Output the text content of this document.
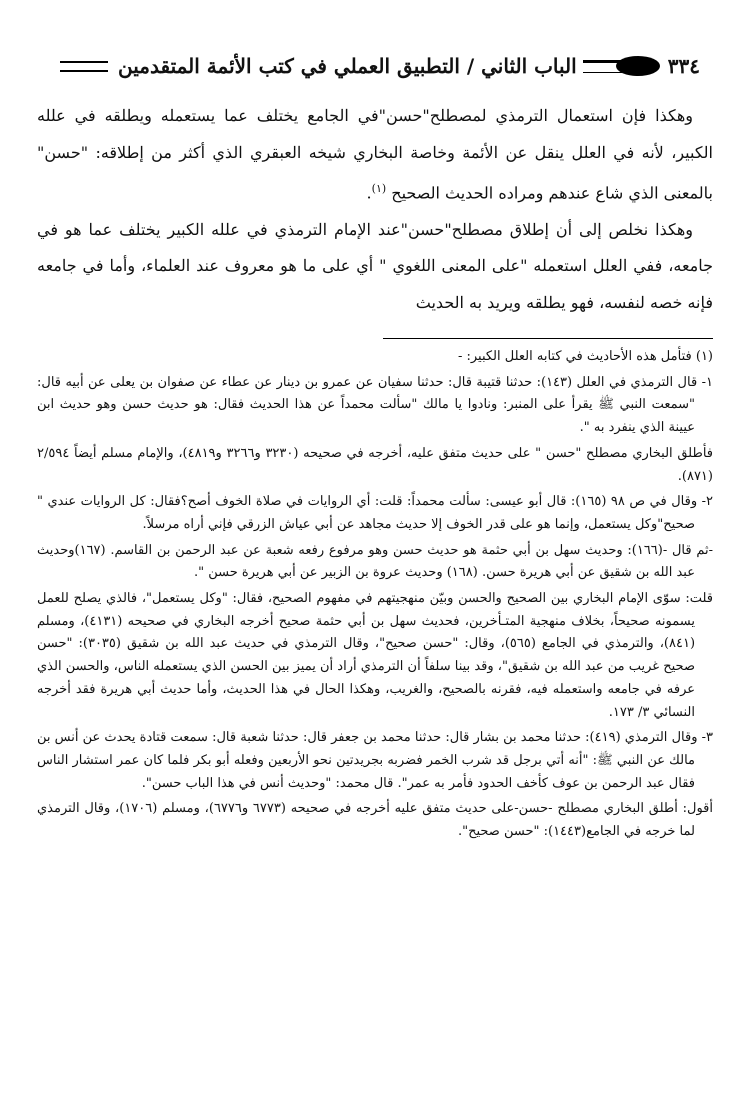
الباب الثاني / التطبيق العملي في كتب الأئمة المتقدمين	٣٣٤

وهكذا فإن استعمال الترمذي لمصطلح"حسن"في الجامع يختلف عما يستعمله ويطلقه في علله الكبير، لأنه في العلل ينقل عن الأئمة وخاصة البخاري شيخه العبقري الذي أكثر من إطلاقه: "حسن" بالمعنى الذي شاع عندهم ومراده الحديث الصحيح $^{(١)}$.

وهكذا نخلص إلى أن إطلاق مصطلح"حسن"عند الإمام الترمذي في علله الكبير يختلف عما هو في جامعه، ففي العلل استعمله "على المعنى اللغوي " أي على ما هو معروف عند العلماء، وأما في جامعه فإنه خصه لنفسه، فهو يطلقه ويريد به الحديث

(١) فتأمل هذه الأحاديث في كتابه العلل الكبير: -

١- قال الترمذي في العلل (١٤٣): حدثنا قتيبة قال: حدثنا سفيان عن عمرو بن دينار عن عطاء عن صفوان بن يعلى عن أبيه قال: "سمعت النبي ﷺ يقرأ على المنبر: ونادوا يا مالك "سألت محمداً عن هذا الحديث فقال: هو حديث حسن وهو حديث ابن عيينة الذي ينفرد به ".

فأطلق البخاري مصطلح "حسن " على حديث متفق عليه، أخرجه في صحيحه (٣٢٣٠ و٣٢٦٦ و٤٨١٩)، والإمام مسلم أيضاً ٢/٥٩٤ (٨٧١).

٢- وقال في ص ٩٨ (١٦٥): قال أبو عيسى: سألت محمداً: قلت: أي الروايات في صلاة الخوف أصح؟فقال: كل الروايات عندي " صحيح"وكل يستعمل، وإنما هو على قدر الخوف إلا حديث مجاهد عن أبي عياش الزرقي فإني أراه مرسلاً.

-ثم قال -(١٦٦): وحديث سهل بن أبي حثمة هو حديث حسن وهو مرفوع رفعه شعبة عن عبد الرحمن بن القاسم. (١٦٧)وحديث عبد الله بن شقيق عن أبي هريرة حسن. (١٦٨) وحديث عروة بن الزبير عن أبي هريرة حسن ".

قلت: سوّى الإمام البخاري بين الصحيح والحسن وبيّن منهجيتهم في مفهوم الصحيح، فقال: "وكل يستعمل"، فالذي يصلح للعمل يسمونه صحيحاً، بخلاف منهجية المتـأخرين، فحديث سهل بن أبي حثمة صحيح أخرجه البخاري في صحيحه (٤١٣١)، ومسلم (٨٤١)، والترمذي في الجامع (٥٦٥)، وقال: "حسن صحيح"، وقال الترمذي في حديث عبد الله بن شقيق (٣٠٣٥): "حسن صحيح غريب من عبد الله بن شقيق"، وقد بينا سلفاً أن الترمذي أراد أن يميز بين الحسن الذي يستعمله الناس، والحسن الذي عرفه في جامعه واستعمله فيه، فقرنه بالصحيح، والغريب، وهكذا الحال في هذا الحديث، وأما حديث أبي هريرة فقد أخرجه النسائي ٣/ ١٧٣.

٣- وقال الترمذي (٤١٩): حدثنا محمد بن بشار قال: حدثنا محمد بن جعفر قال: حدثنا شعبة قال: سمعت قتادة يحدث عن أنس بن مالك عن النبي ﷺ: "أنه أتي برجل قد شرب الخمر فضربه بجريدتين نحو الأربعين وفعله أبو بكر فلما كان عمر استشار الناس فقال عبد الرحمن بن عوف كأخف الحدود فأمر به عمر". قال محمد: "وحديث أنس في هذا الباب حسن".

أقول: أطلق البخاري مصطلح -حسن-على حديث متفق عليه أخرجه في صحيحه (٦٧٧٣ و٦٧٧٦)، ومسلم (١٧٠٦)، وقال الترمذي لما خرجه في الجامع(١٤٤٣): "حسن صحيح".
